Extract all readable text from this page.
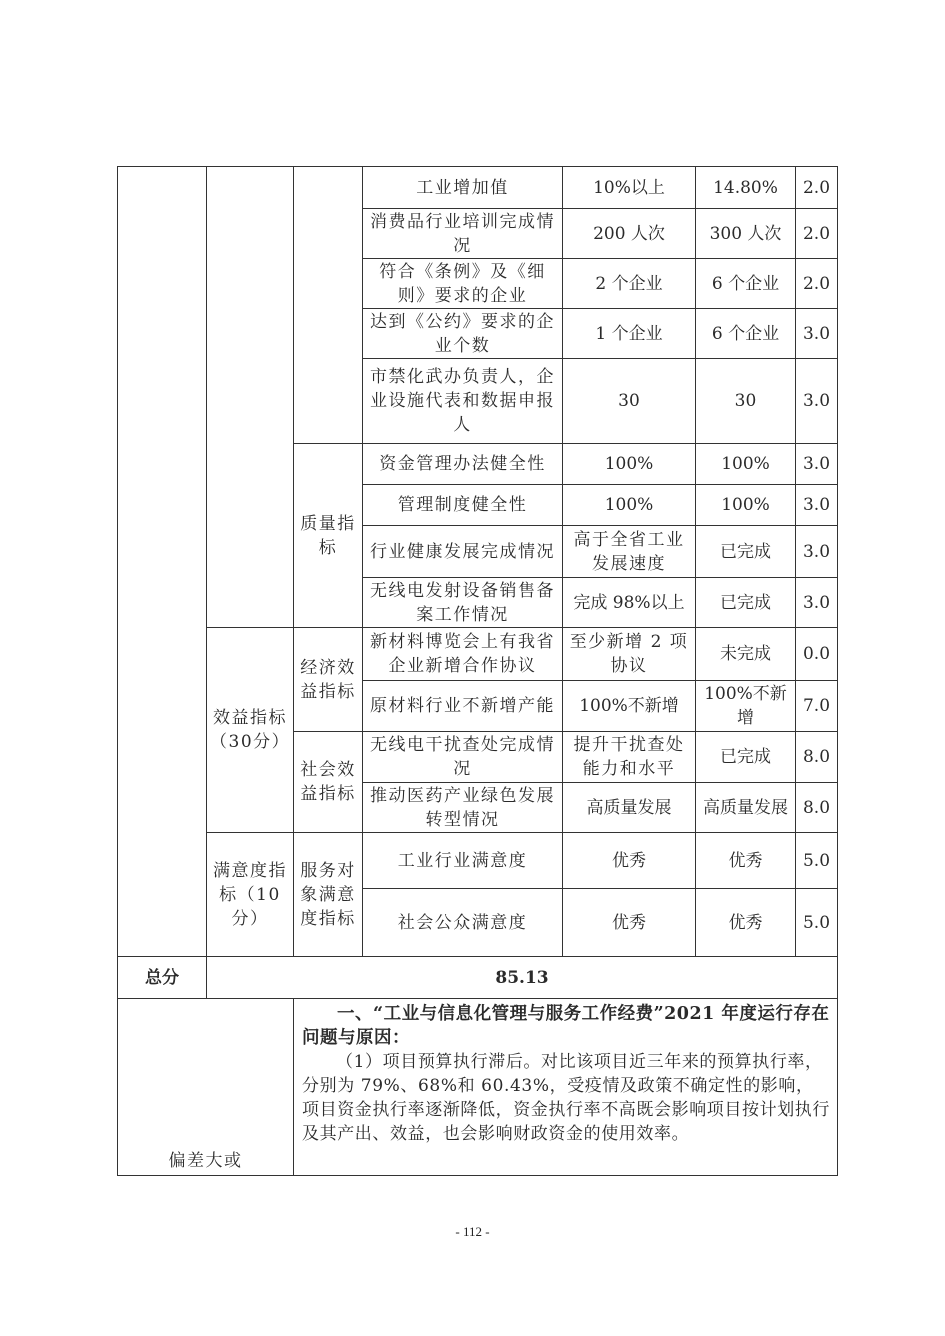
			工业增加值	10%以上	14.80%	2.0
			消费品行业培训完成情况	200 人次	300 人次	2.0
			符合《条例》及《细则》要求的企业	2 个企业	6 个企业	2.0
			达到《公约》要求的企业个数	1 个企业	6 个企业	3.0
			市禁化武办负责人，企业设施代表和数据申报人	30	30	3.0
		质量指标	资金管理办法健全性	100%	100%	3.0
			管理制度健全性	100%	100%	3.0
			行业健康发展完成情况	高于全省工业发展速度	已完成	3.0
			无线电发射设备销售备案工作情况	完成 98%以上	已完成	3.0
	效益指标（30分）	经济效益指标	新材料博览会上有我省企业新增合作协议	至少新增 2 项协议	未完成	0.0
			原材料行业不新增产能	100%不新增	100%不新增	7.0
		社会效益指标	无线电干扰查处完成情况	提升干扰查处能力和水平	已完成	8.0
			推动医药产业绿色发展转型情况	高质量发展	高质量发展	8.0
	满意度指标（10分）	服务对象满意度指标	工业行业满意度	优秀	优秀	5.0
			社会公众满意度	优秀	优秀	5.0
总分	85.13					
偏差大或		一、“工业与信息化管理与服务工作经费”2021 年度运行存在问题与原因：
（1）项目预算执行滞后。对比该项目近三年来的预算执行率，分别为 79%、68%和 60.43%，受疫情及政策不确定性的影响，项目资金执行率逐渐降低，资金执行率不高既会影响项目按计划执行及其产出、效益，也会影响财政资金的使用效率。				
- 112 -
